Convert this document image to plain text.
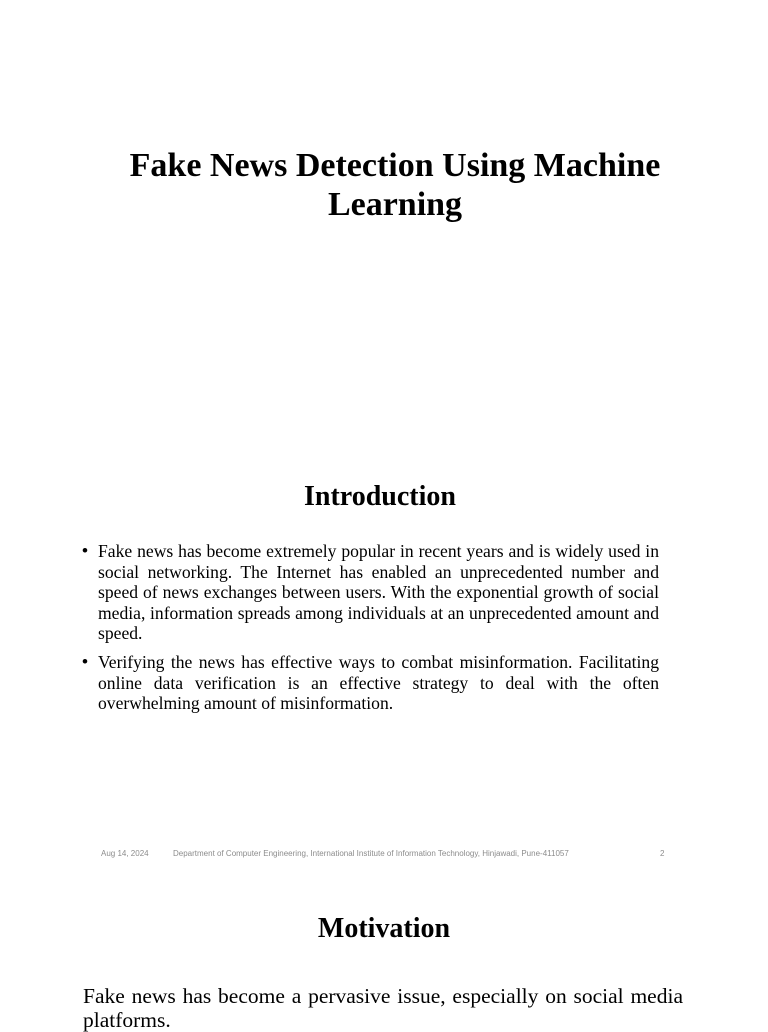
Fake News Detection Using Machine Learning
Introduction
• Fake news has become extremely popular in recent years and is widely used in social networking. The Internet has enabled an unprecedented number and speed of news exchanges between users. With the exponential growth of social media, information spreads among individuals at an unprecedented amount and speed.
• Verifying the news has effective ways to combat misinformation. Facilitating online data verification is an effective strategy to deal with the often overwhelming amount of misinformation.
Aug 14, 2024	Department of Computer Engineering, International Institute of Information Technology, Hinjawadi, Pune-411057	2
Motivation

Fake news has become a pervasive issue, especially on social media platforms.
